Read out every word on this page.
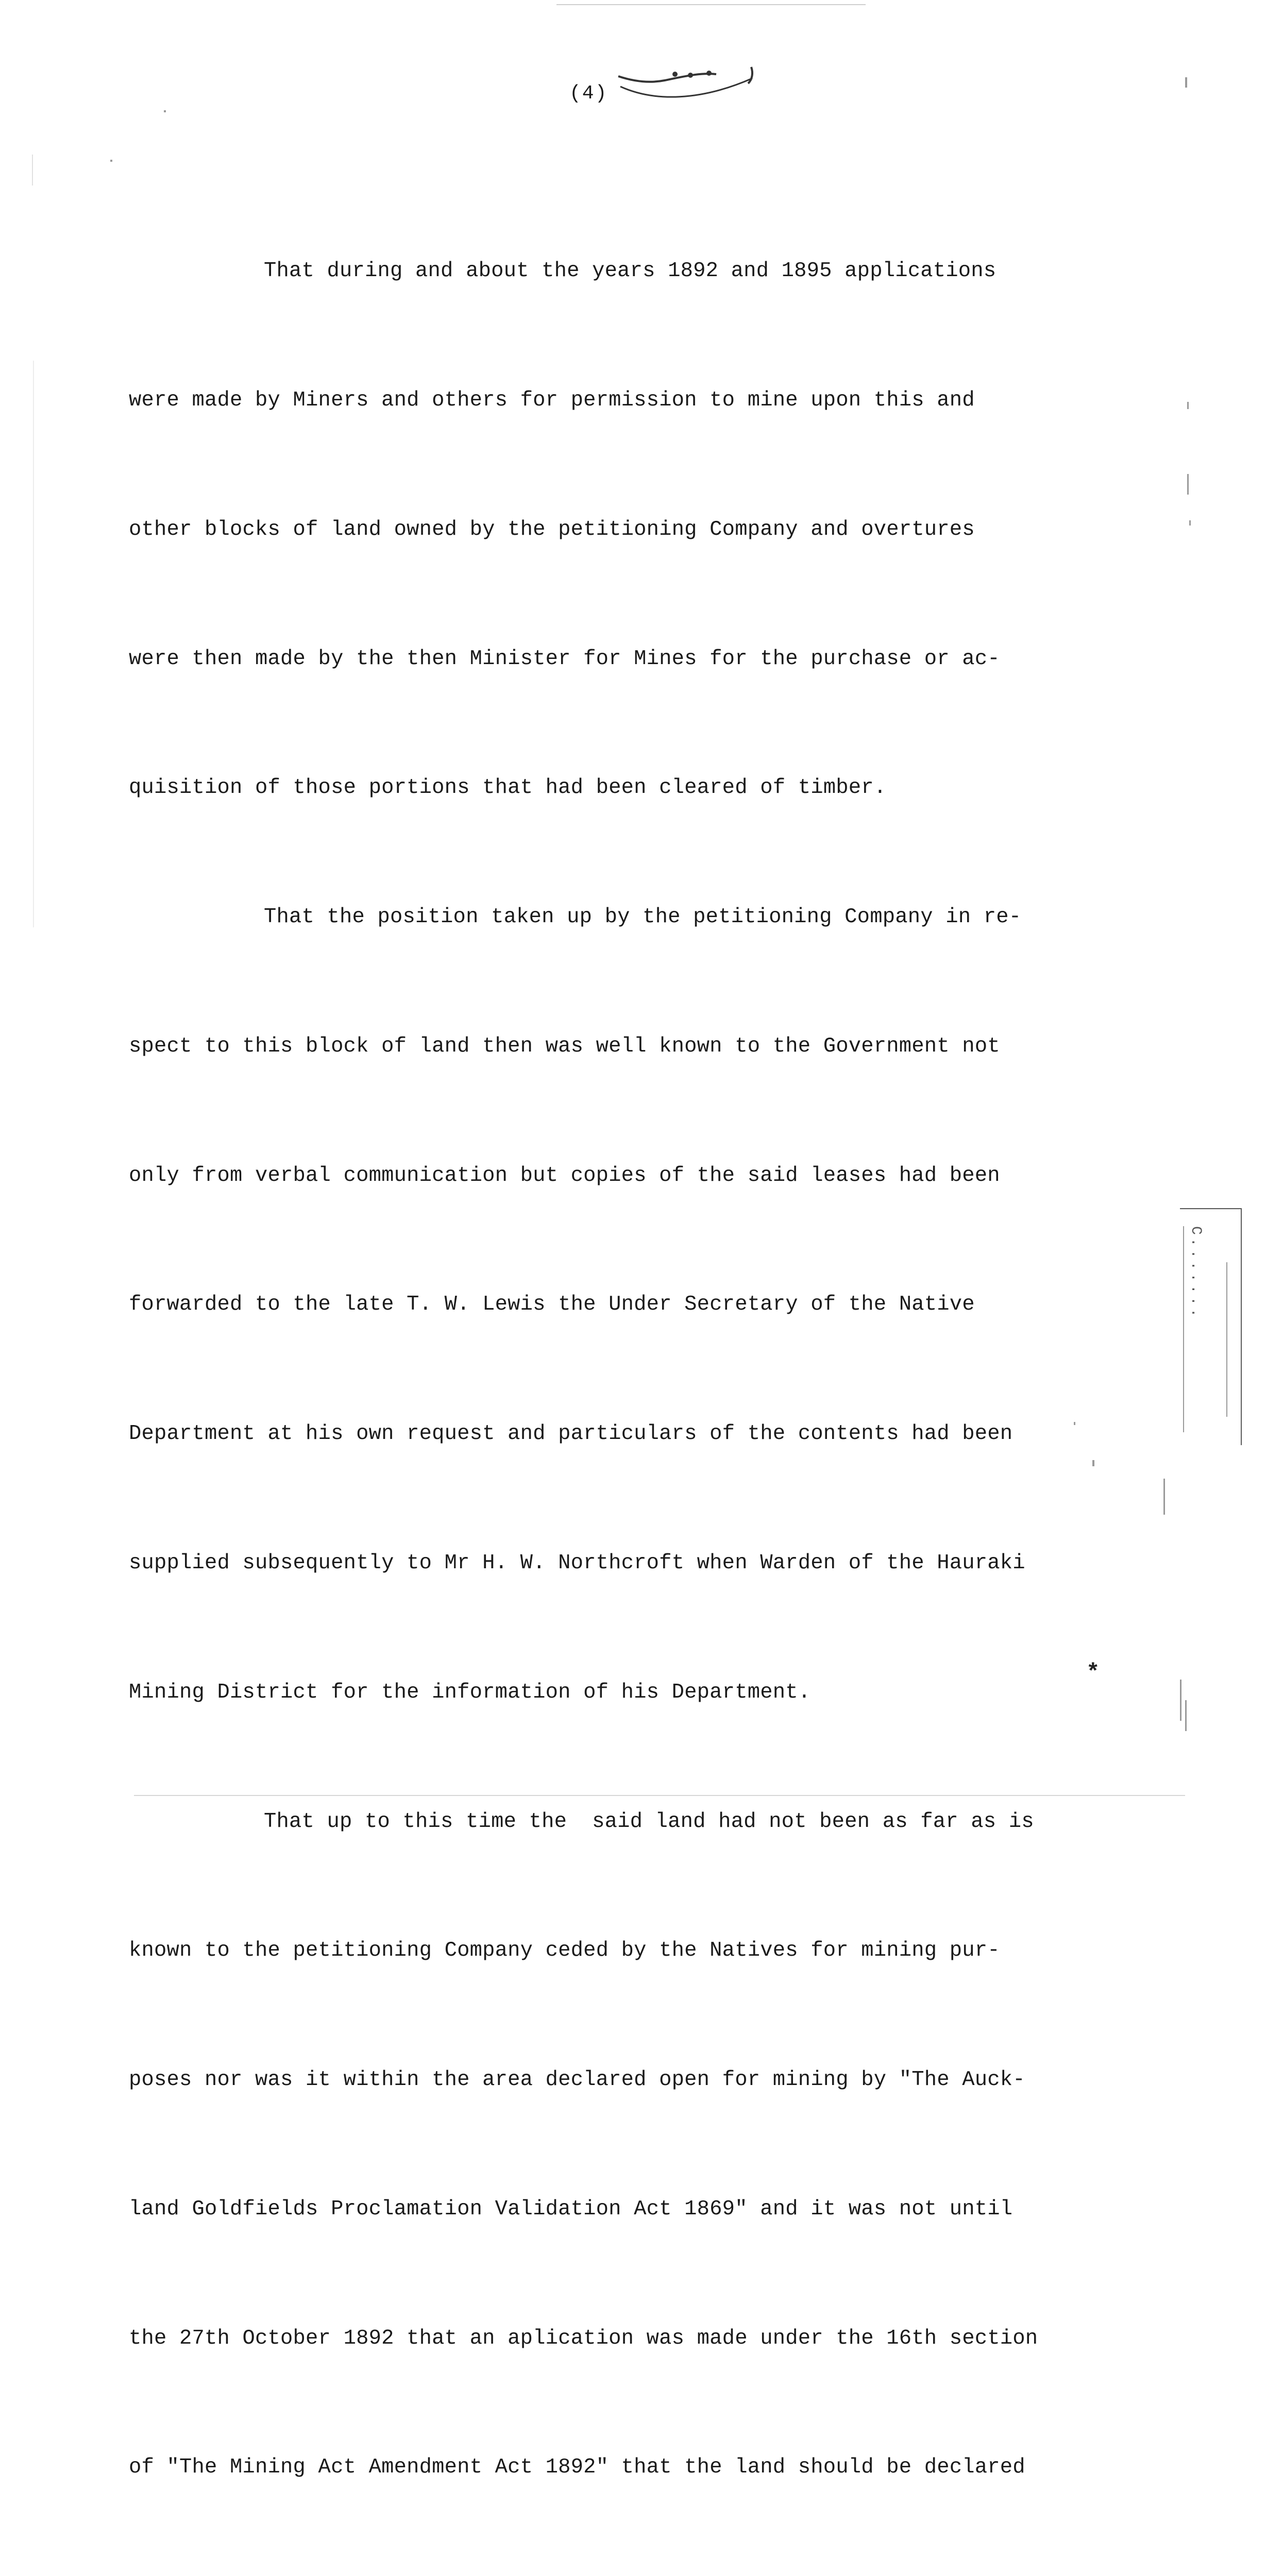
(4)

That during and about the years 1892 and 1895 applications

were made by Miners and others for permission to mine upon this and

other blocks of land owned by the petitioning Company and overtures

were then made by the then Minister for Mines for the purchase or ac-

quisition of those portions that had been cleared of timber.

That the position taken up by the petitioning Company in re-

spect to this block of land then was well known to the Government not

only from verbal communication but copies of the said leases had been

forwarded to the late T. W. Lewis the Under Secretary of the Native

Department at his own request and particulars of the contents had been

supplied subsequently to Mr H. W. Northcroft when Warden of the Hauraki

Mining District for the information of his Department.

That up to this time the  said land had not been as far as is

known to the petitioning Company ceded by the Natives for mining pur-

poses nor was it within the area declared open for mining by "The Auck-

land Goldfields Proclamation Validation Act 1869" and it was not until

the 27th October 1892 that an aplication was made under the 16th section

of "The Mining Act Amendment Act 1892" that the land should be declared

*
C.......
